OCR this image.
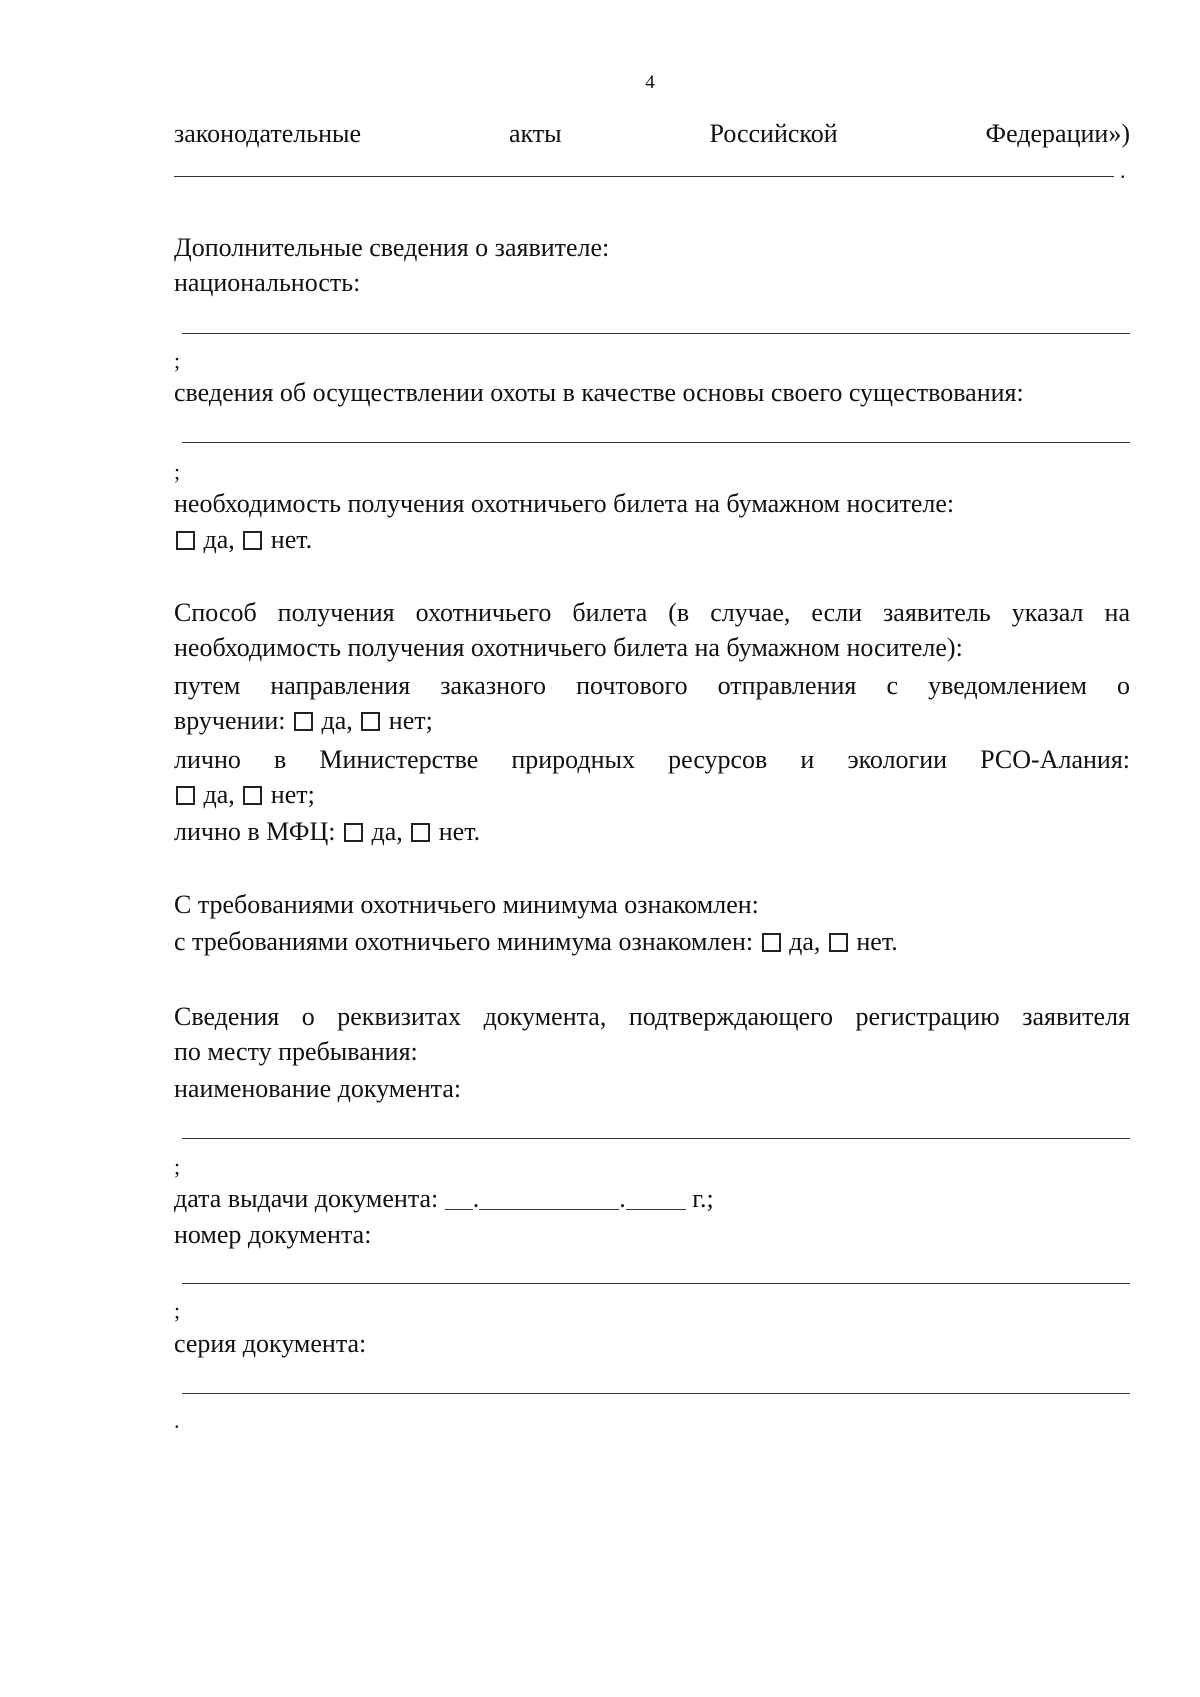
4
законодательные	акты	Российской	Федерации»)
.
Дополнительные сведения о заявителе:
национальность:
;
сведения об осуществлении охоты в качестве основы своего существования:
;
необходимость получения охотничьего билета на бумажном носителе:
да, нет.
Способ получения охотничьего билета (в случае, если заявитель указал на
необходимость получения охотничьего билета на бумажном носителе):
путем направления заказного почтового отправления с уведомлением о
вручении: да, нет;
лично в Министерстве природных ресурсов и экологии РСО-Алания:
да, нет;
лично в МФЦ: да, нет.
С требованиями охотничьего минимума ознакомлен:
с требованиями охотничьего минимума ознакомлен: да, нет.
Сведения о реквизитах документа, подтверждающего регистрацию заявителя
по месту пребывания:
наименование документа:
;
дата выдачи документа: .	.	г.;
номер документа:
;
серия документа:
.
